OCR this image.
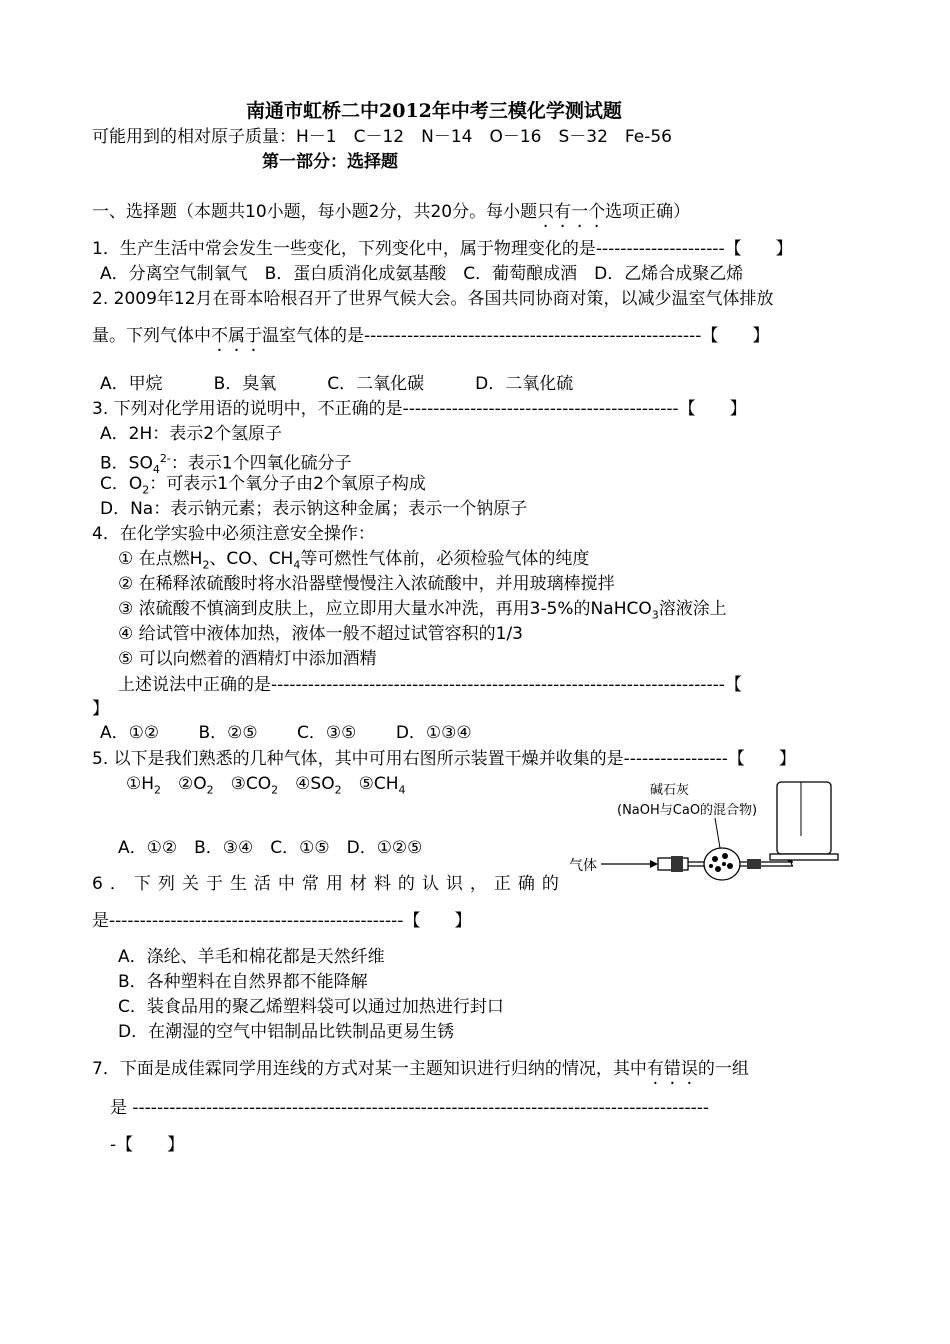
南通市虹桥二中2012年中考三模化学测试题
可能用到的相对原子质量：H－1　C－12　N－14　O－16　S－32　Fe-56
第一部分：选择题
一、选择题（本题共10小题，每小题2分，共20分。每小题只有一个选项正确）
1．生产生活中常会发生一些变化，下列变化中，属于物理变化的是---------------------【　　】
A．分离空气制氧气　B．蛋白质消化成氨基酸　C．葡萄酿成酒　D．乙烯合成聚乙烯
2. 2009年12月在哥本哈根召开了世界气候大会。各国共同协商对策，以减少温室气体排放
量。下列气体中不属于温室气体的是-------------------------------------------------------【　　】
A．甲烷　　　B．臭氧　　　C．二氧化碳　　　D．二氧化硫
3. 下列对化学用语的说明中，不正确的是---------------------------------------------【　　】
A．2H：表示2个氢原子
B．$SO_4^{2-}$：表示1个四氧化硫分子
C．$O_2$：可表示1个氧分子由2个氧原子构成
D．Na：表示钠元素；表示钠这种金属；表示一个钠原子
4．在化学实验中必须注意安全操作：
① 在点燃$H_2$、CO、$CH_4$等可燃性气体前，必须检验气体的纯度
② 在稀释浓硫酸时将水沿器壁慢慢注入浓硫酸中，并用玻璃棒搅拌
③ 浓硫酸不慎滴到皮肤上，应立即用大量水冲洗，再用3-5%的NaHCO$_3$溶液涂上
④ 给试管中液体加热，液体一般不超过试管容积的1/3
⑤ 可以向燃着的酒精灯中添加酒精
上述说法中正确的是--------------------------------------------------------------------------【
】
A．①②　　 B．②⑤　　 C．③⑤　　 D．①③④
5. 以下是我们熟悉的几种气体，其中可用右图所示装置干燥并收集的是-----------------【　　】
$①H_2$　 $②O_2$　 $③CO_2$　 $④SO_2$　 $⑤CH_4$
A．①②　B．③④　C．①⑤　D．①②⑤
碱石灰
(NaOH与CaO的混合物)
气体
6．下列关于生活中常用材料的认识，正确的
是------------------------------------------------【　　】
A．涤纶、羊毛和棉花都是天然纤维
B．各种塑料在自然界都不能降解
C．装食品用的聚乙烯塑料袋可以通过加热进行封口
D．在潮湿的空气中铝制品比铁制品更易生锈
7．下面是成佳霖同学用连线的方式对某一主题知识进行归纳的情况，其中有错误的一组
是 ----------------------------------------------------------------------------------------------
-【　　】
